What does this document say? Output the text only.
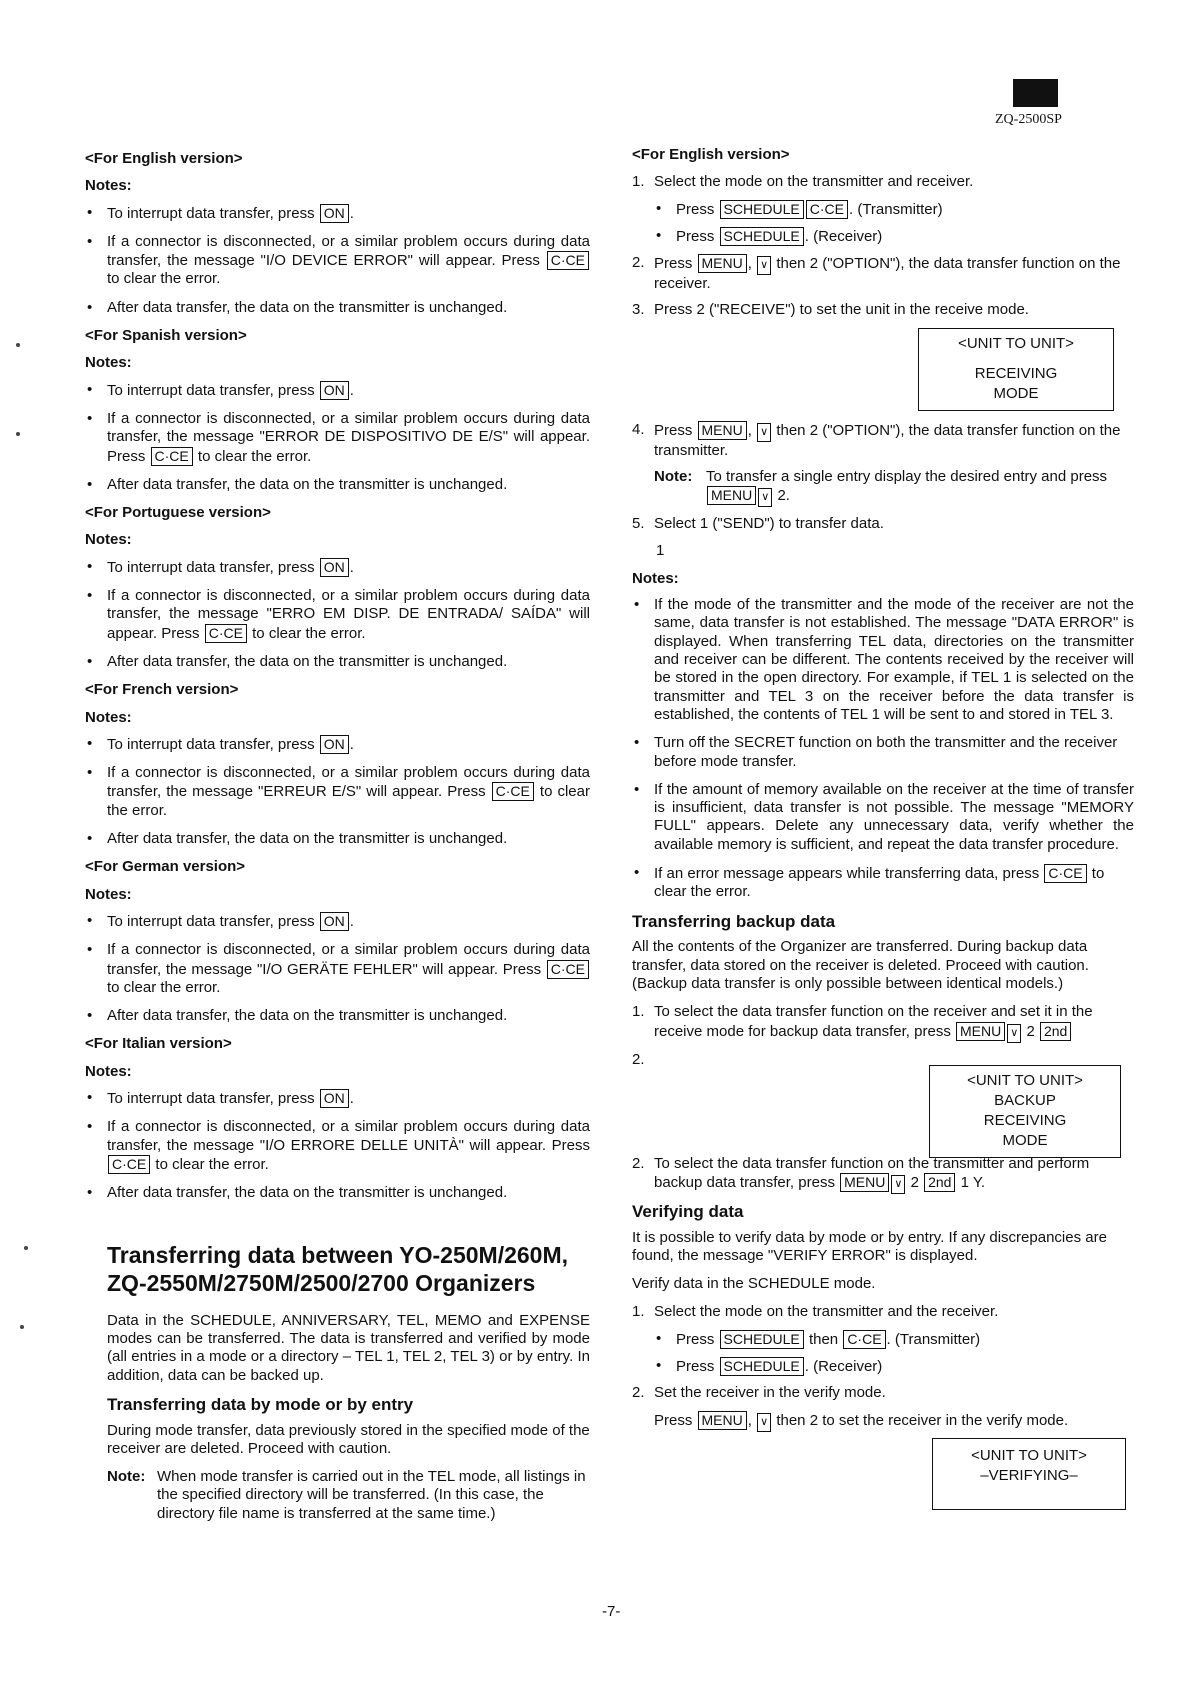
ZQ-2500SP
<For English version>
Notes:
• To interrupt data transfer, press ON .
• If a connector is disconnected, or a similar problem occurs during data transfer, the message "I/O DEVICE ERROR" will appear. Press C·CE to clear the error.
• After data transfer, the data on the transmitter is unchanged.
<For Spanish version>
Notes:
• To interrupt data transfer, press ON .
• If a connector is disconnected, or a similar problem occurs during data transfer, the message "ERROR DE DISPOSITIVO DE E/S" will appear. Press C·CE to clear the error.
• After data transfer, the data on the transmitter is unchanged.
<For Portuguese version>
Notes:
• To interrupt data transfer, press ON .
• If a connector is disconnected, or a similar problem occurs during data transfer, the message "ERRO EM DISP. DE ENTRADA/ SAÍDA" will appear. Press C·CE to clear the error.
• After data transfer, the data on the transmitter is unchanged.
<For French version>
Notes:
• To interrupt data transfer, press ON .
• If a connector is disconnected, or a similar problem occurs during data transfer, the message "ERREUR E/S" will appear. Press C·CE to clear the error.
• After data transfer, the data on the transmitter is unchanged.
<For German version>
Notes:
• To interrupt data transfer, press ON .
• If a connector is disconnected, or a similar problem occurs during data transfer, the message "I/O GERÄTE FEHLER" will appear. Press C·CE to clear the error.
• After data transfer, the data on the transmitter is unchanged.
<For Italian version>
Notes:
• To interrupt data transfer, press ON .
• If a connector is disconnected, or a similar problem occurs during data transfer, the message "I/O ERRORE DELLE UNITÀ" will appear. Press C·CE to clear the error.
• After data transfer, the data on the transmitter is unchanged.
Transferring data between YO-250M/260M,
ZQ-2550M/2750M/2500/2700 Organizers

Data in the SCHEDULE, ANNIVERSARY, TEL, MEMO and EXPENSE modes can be transferred. The data is transferred and verified by mode (all entries in a mode or a directory – TEL 1, TEL 2, TEL 3) or by entry. In addition, data can be backed up.

Transferring data by mode or by entry

During mode transfer, data previously stored in the specified mode of the receiver are deleted. Proceed with caution.

Note: When mode transfer is carried out in the TEL mode, all listings in the specified directory will be transferred. (In this case, the directory file name is transferred at the same time.)
<For English version>
1. Select the mode on the transmitter and receiver.
• Press SCHEDULE C·CE . (Transmitter)
• Press SCHEDULE . (Receiver)
2. Press MENU , ∨ then 2 ("OPTION"), the data transfer function on the receiver.
3. Press 2 ("RECEIVE") to set the unit in the receive mode.
<UNIT TO UNIT>
RECEIVING
MODE
4. Press MENU , ∨ then 2 ("OPTION"), the data transfer function on the transmitter.
Note: To transfer a single entry display the desired entry and press MENU ∨ 2.
5. Select 1 ("SEND") to transfer data.
1
Notes:
• If the mode of the transmitter and the mode of the receiver are not the same, data transfer is not established. The message "DATA ERROR" is displayed. When transferring TEL data, directories on the transmitter and receiver can be different. The contents received by the receiver will be stored in the open directory. For example, if TEL 1 is selected on the transmitter and TEL 3 on the receiver before the data transfer is established, the contents of TEL 1 will be sent to and stored in TEL 3.
• Turn off the SECRET function on both the transmitter and the receiver before mode transfer.
• If the amount of memory available on the receiver at the time of transfer is insufficient, data transfer is not possible. The message "MEMORY FULL" appears. Delete any unnecessary data, verify whether the available memory is sufficient, and repeat the data transfer procedure.
• If an error message appears while transferring data, press C·CE to clear the error.
Transferring backup data

All the contents of the Organizer are transferred. During backup data transfer, data stored on the receiver is deleted. Proceed with caution. (Backup data transfer is only possible between identical models.)

1. To select the data transfer function on the receiver and set it in the receive mode for backup data transfer, press MENU ∨ 2 2nd
2.
<UNIT TO UNIT>
BACKUP
RECEIVING
MODE
2. To select the data transfer function on the transmitter and perform backup data transfer, press MENU ∨ 2 2nd 1 Y.
Verifying data

It is possible to verify data by mode or by entry. If any discrepancies are found, the message "VERIFY ERROR" is displayed.

Verify data in the SCHEDULE mode.

1. Select the mode on the transmitter and the receiver.
• Press SCHEDULE then C·CE . (Transmitter)
• Press SCHEDULE . (Receiver)
2. Set the receiver in the verify mode.
Press MENU , ∨ then 2 to set the receiver in the verify mode.
<UNIT TO UNIT>
–VERIFYING–
-7-
